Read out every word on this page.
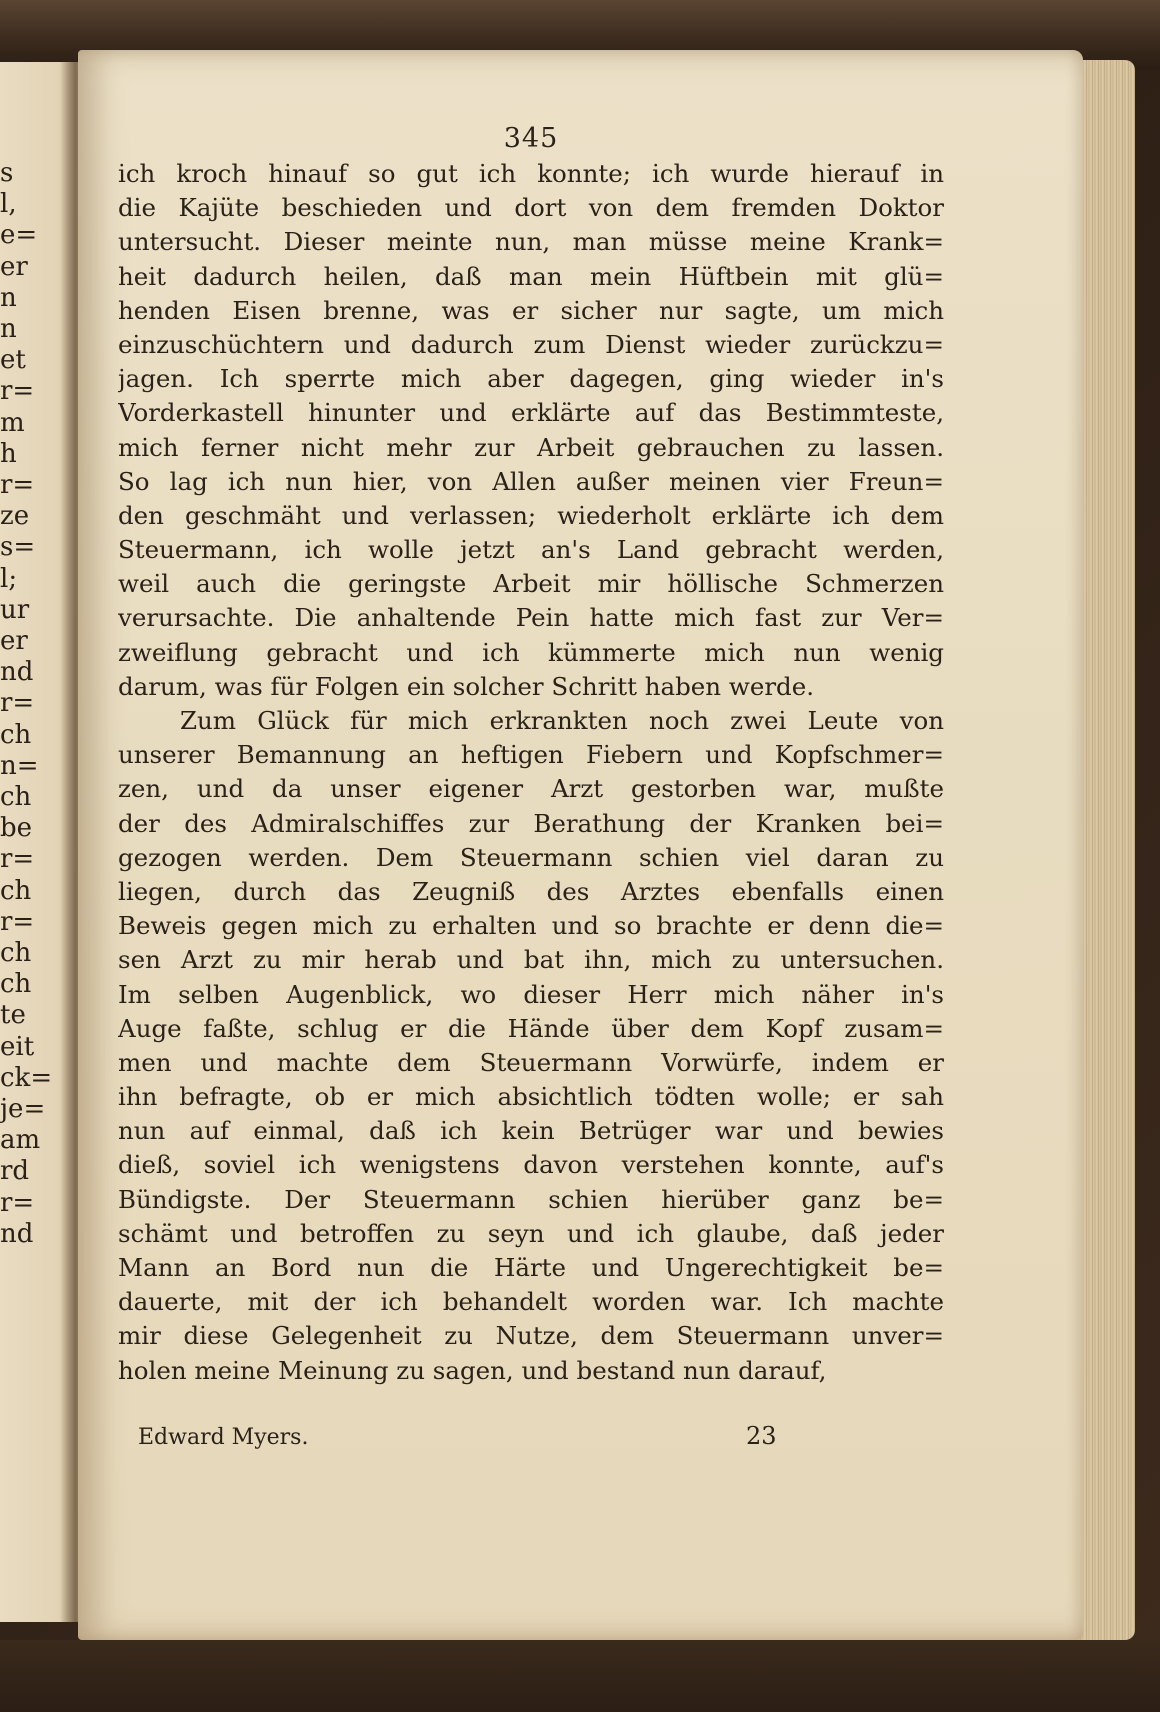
s
l,
e=
er
n
n
et
r=
m
h
r=
ze
s=
l;
ur
er
nd
r=
ch
n=
ch
be
r=
ch
r=
ch
ch
te
eit
ck=
je=
am
rd
r=
nd
345
ich kroch hinauf so gut ich konnte; ich wurde hierauf in
die Kajüte beschieden und dort von dem fremden Doktor
untersucht. Dieser meinte nun, man müsse meine Krank=
heit dadurch heilen, daß man mein Hüftbein mit glü=
henden Eisen brenne, was er sicher nur sagte, um mich
einzuschüchtern und dadurch zum Dienst wieder zurückzu=
jagen. Ich sperrte mich aber dagegen, ging wieder in's
Vorderkastell hinunter und erklärte auf das Bestimmteste,
mich ferner nicht mehr zur Arbeit gebrauchen zu lassen.
So lag ich nun hier, von Allen außer meinen vier Freun=
den geschmäht und verlassen; wiederholt erklärte ich dem
Steuermann, ich wolle jetzt an's Land gebracht werden,
weil auch die geringste Arbeit mir höllische Schmerzen
verursachte. Die anhaltende Pein hatte mich fast zur Ver=
zweiflung gebracht und ich kümmerte mich nun wenig
darum, was für Folgen ein solcher Schritt haben werde.
Zum Glück für mich erkrankten noch zwei Leute von
unserer Bemannung an heftigen Fiebern und Kopfschmer=
zen, und da unser eigener Arzt gestorben war, mußte
der des Admiralschiffes zur Berathung der Kranken bei=
gezogen werden. Dem Steuermann schien viel daran zu
liegen, durch das Zeugniß des Arztes ebenfalls einen
Beweis gegen mich zu erhalten und so brachte er denn die=
sen Arzt zu mir herab und bat ihn, mich zu untersuchen.
Im selben Augenblick, wo dieser Herr mich näher in's
Auge faßte, schlug er die Hände über dem Kopf zusam=
men und machte dem Steuermann Vorwürfe, indem er
ihn befragte, ob er mich absichtlich tödten wolle; er sah
nun auf einmal, daß ich kein Betrüger war und bewies
dieß, soviel ich wenigstens davon verstehen konnte, auf's
Bündigste. Der Steuermann schien hierüber ganz be=
schämt und betroffen zu seyn und ich glaube, daß jeder
Mann an Bord nun die Härte und Ungerechtigkeit be=
dauerte, mit der ich behandelt worden war. Ich machte
mir diese Gelegenheit zu Nutze, dem Steuermann unver=
holen meine Meinung zu sagen, und bestand nun darauf,
Edward Myers.	23
